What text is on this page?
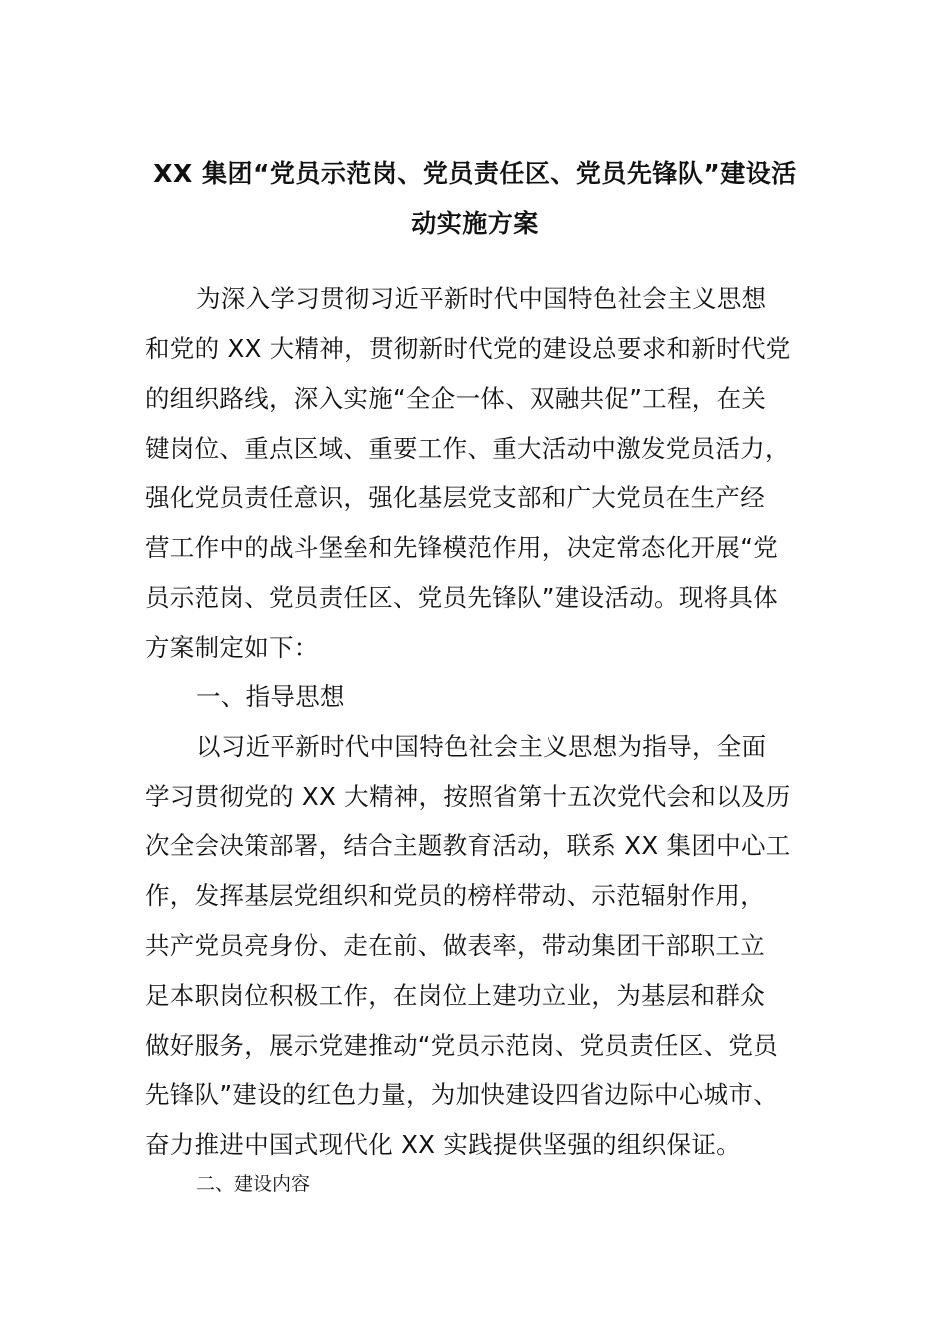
XX 集团“党员示范岗、党员责任区、党员先锋队”建设活
动实施方案
为深入学习贯彻习近平新时代中国特色社会主义思想
和党的 XX 大精神，贯彻新时代党的建设总要求和新时代党
的组织路线，深入实施“全企一体、双融共促”工程，在关
键岗位、重点区域、重要工作、重大活动中激发党员活力，
强化党员责任意识，强化基层党支部和广大党员在生产经
营工作中的战斗堡垒和先锋模范作用，决定常态化开展“党
员示范岗、党员责任区、党员先锋队”建设活动。现将具体
方案制定如下：
一、指导思想
以习近平新时代中国特色社会主义思想为指导，全面
学习贯彻党的 XX 大精神，按照省第十五次党代会和以及历
次全会决策部署，结合主题教育活动，联系 XX 集团中心工
作，发挥基层党组织和党员的榜样带动、示范辐射作用，
共产党员亮身份、走在前、做表率，带动集团干部职工立
足本职岗位积极工作，在岗位上建功立业，为基层和群众
做好服务，展示党建推动“党员示范岗、党员责任区、党员
先锋队”建设的红色力量，为加快建设四省边际中心城市、
奋力推进中国式现代化 XX 实践提供坚强的组织保证。
二、建设内容
